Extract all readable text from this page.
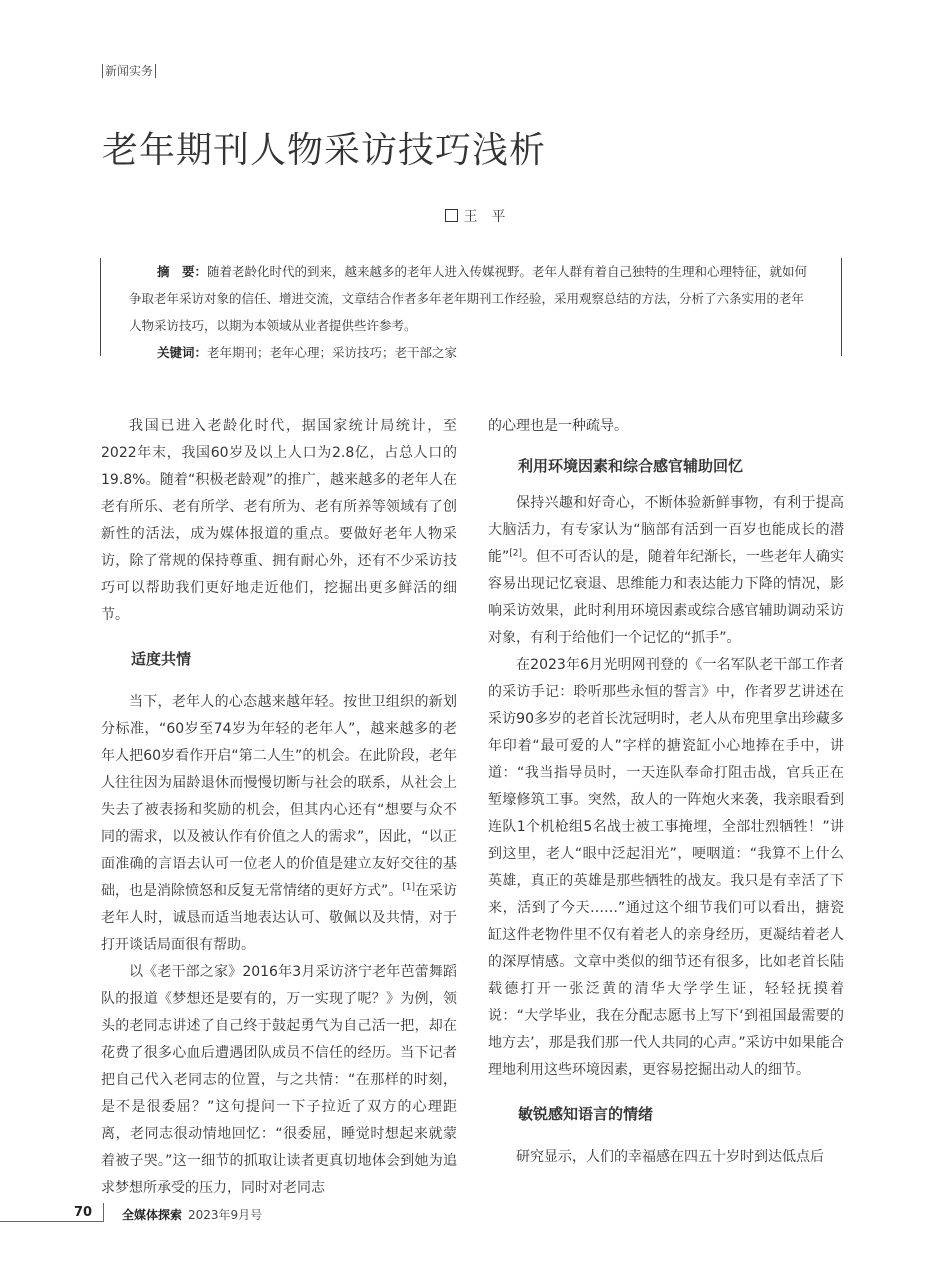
新闻实务
老年期刊人物采访技巧浅析
王　平
摘　要：随着老龄化时代的到来，越来越多的老年人进入传媒视野。老年人群有着自己独特的生理和心理特征，就如何争取老年采访对象的信任、增进交流，文章结合作者多年老年期刊工作经验，采用观察总结的方法，分析了六条实用的老年人物采访技巧，以期为本领域从业者提供些许参考。
关键词：老年期刊；老年心理；采访技巧；老干部之家

我国已进入老龄化时代，据国家统计局统计，至2022年末，我国60岁及以上人口为2.8亿，占总人口的19.8%。随着“积极老龄观”的推广，越来越多的老年人在老有所乐、老有所学、老有所为、老有所养等领域有了创新性的活法，成为媒体报道的重点。要做好老年人物采访，除了常规的保持尊重、拥有耐心外，还有不少采访技巧可以帮助我们更好地走近他们，挖掘出更多鲜活的细节。

适度共情

当下，老年人的心态越来越年轻。按世卫组织的新划分标准，“60岁至74岁为年轻的老年人”，越来越多的老年人把60岁看作开启“第二人生”的机会。在此阶段，老年人往往因为届龄退休而慢慢切断与社会的联系，从社会上失去了被表扬和奖励的机会，但其内心还有“想要与众不同的需求，以及被认作有价值之人的需求”，因此，“以正面准确的言语去认可一位老人的价值是建立友好交往的基础，也是消除愤怒和反复无常情绪的更好方式”。[1]在采访老年人时，诚恳而适当地表达认可、敬佩以及共情，对于打开谈话局面很有帮助。

以《老干部之家》2016年3月采访济宁老年芭蕾舞蹈队的报道《梦想还是要有的，万一实现了呢？》为例，领头的老同志讲述了自己终于鼓起勇气为自己活一把，却在花费了很多心血后遭遇团队成员不信任的经历。当下记者把自己代入老同志的位置，与之共情：“在那样的时刻，是不是很委屈？”这句提问一下子拉近了双方的心理距离，老同志很动情地回忆：“很委屈，睡觉时想起来就蒙着被子哭。”这一细节的抓取让读者更真切地体会到她为追求梦想所承受的压力，同时对老同志

的心理也是一种疏导。

利用环境因素和综合感官辅助回忆

保持兴趣和好奇心，不断体验新鲜事物，有利于提高大脑活力，有专家认为“脑部有活到一百岁也能成长的潜能”[2]。但不可否认的是，随着年纪渐长，一些老年人确实容易出现记忆衰退、思维能力和表达能力下降的情况，影响采访效果，此时利用环境因素或综合感官辅助调动采访对象，有利于给他们一个记忆的“抓手”。

在2023年6月光明网刊登的《一名军队老干部工作者的采访手记：聆听那些永恒的誓言》中，作者罗艺讲述在采访90多岁的老首长沈冠明时，老人从布兜里拿出珍藏多年印着“最可爱的人”字样的搪瓷缸小心地捧在手中，讲道：“我当指导员时，一天连队奉命打阻击战，官兵正在堑壕修筑工事。突然，敌人的一阵炮火来袭，我亲眼看到连队1个机枪组5名战士被工事掩埋，全部壮烈牺牲！”讲到这里，老人“眼中泛起泪光”，哽咽道：“我算不上什么英雄，真正的英雄是那些牺牲的战友。我只是有幸活了下来，活到了今天……”通过这个细节我们可以看出，搪瓷缸这件老物件里不仅有着老人的亲身经历，更凝结着老人的深厚情感。文章中类似的细节还有很多，比如老首长陆载德打开一张泛黄的清华大学学生证，轻轻抚摸着说：“大学毕业，我在分配志愿书上写下‘到祖国最需要的地方去’，那是我们那一代人共同的心声。”采访中如果能合理地利用这些环境因素，更容易挖掘出动人的细节。

敏锐感知语言的情绪

研究显示，人们的幸福感在四五十岁时到达低点后

70 全媒体探索 2023年9月号
